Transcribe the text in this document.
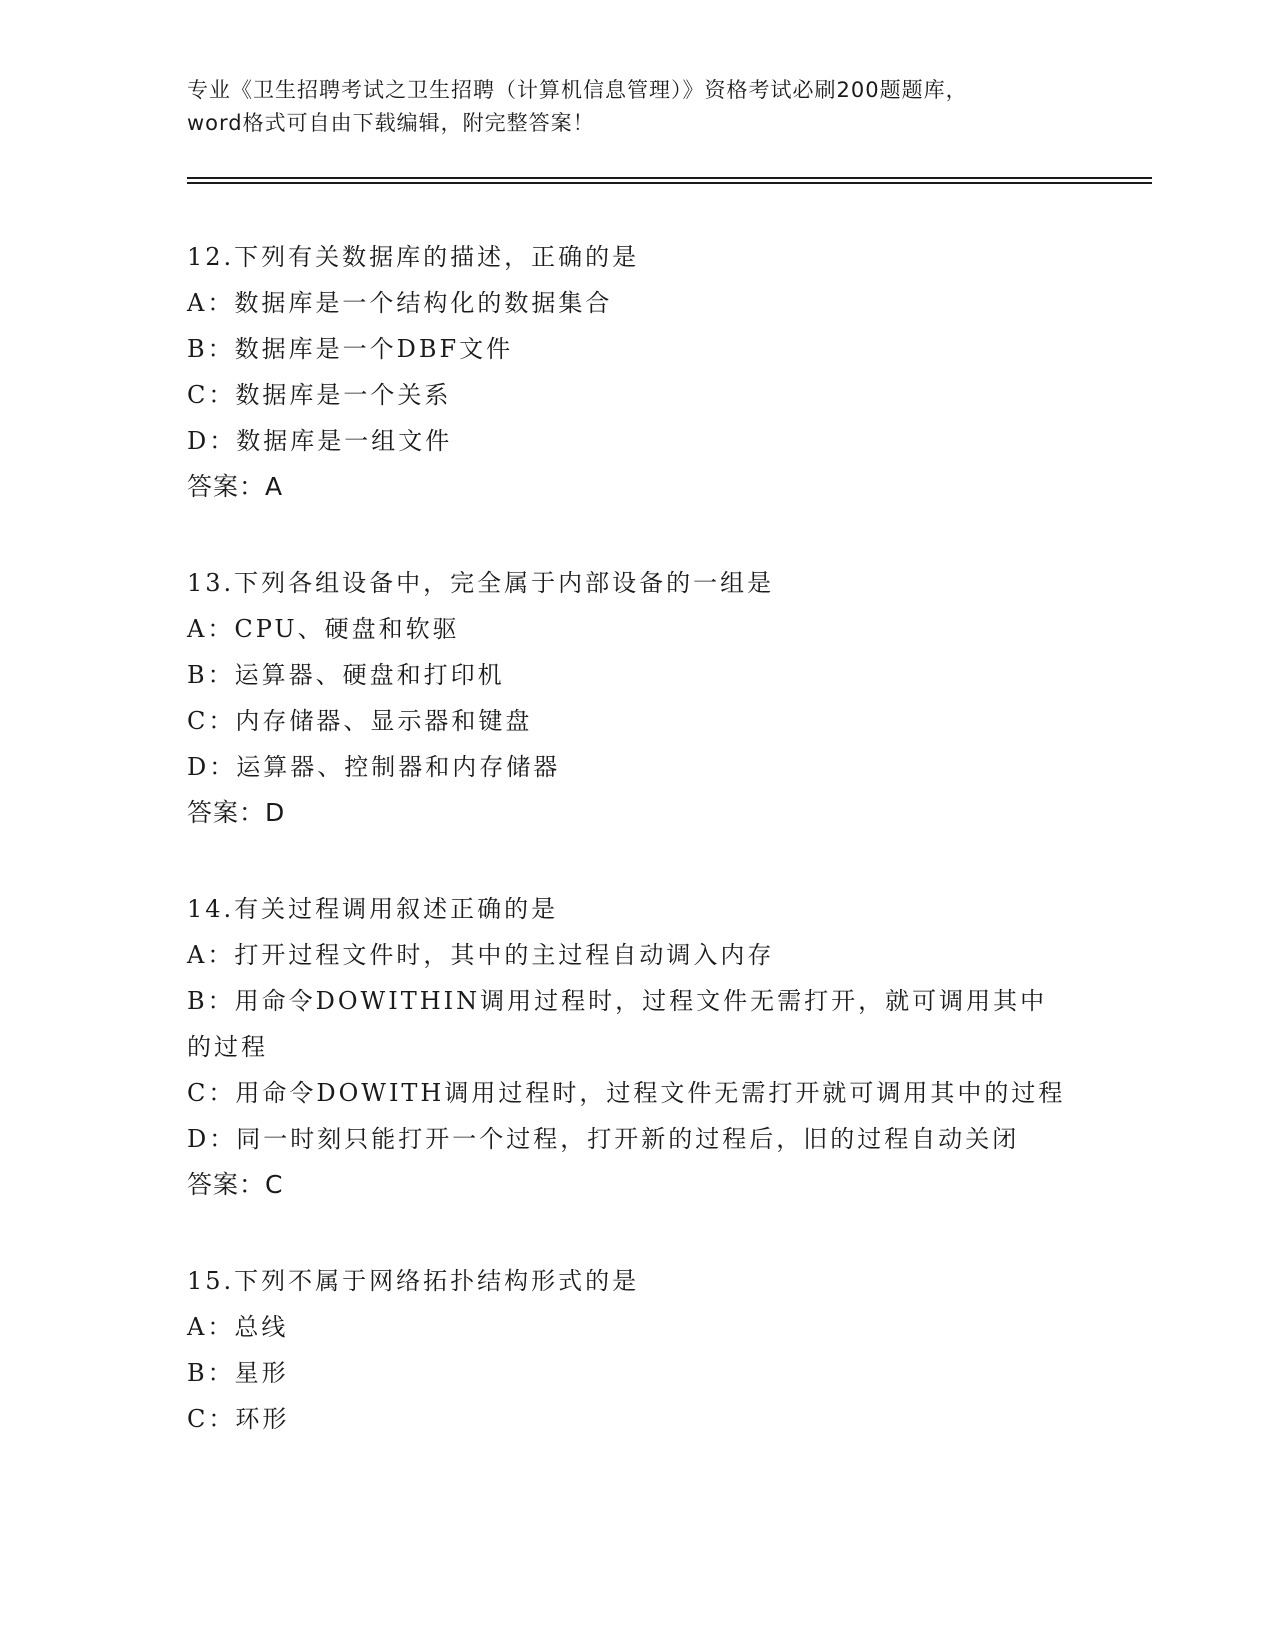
专业《卫生招聘考试之卫生招聘（计算机信息管理）》资格考试必刷200题题库，
word格式可自由下载编辑，附完整答案！
12.下列有关数据库的描述，正确的是
A：数据库是一个结构化的数据集合
B：数据库是一个DBF文件
C：数据库是一个关系
D：数据库是一组文件
答案：A
13.下列各组设备中，完全属于内部设备的一组是
A：CPU、硬盘和软驱
B：运算器、硬盘和打印机
C：内存储器、显示器和键盘
D：运算器、控制器和内存储器
答案：D
14.有关过程调用叙述正确的是
A：打开过程文件时，其中的主过程自动调入内存
B：用命令DOWITHIN调用过程时，过程文件无需打开，就可调用其中的过程
C：用命令DOWITH调用过程时，过程文件无需打开就可调用其中的过程
D：同一时刻只能打开一个过程，打开新的过程后，旧的过程自动关闭
答案：C
15.下列不属于网络拓扑结构形式的是
A：总线
B：星形
C：环形
